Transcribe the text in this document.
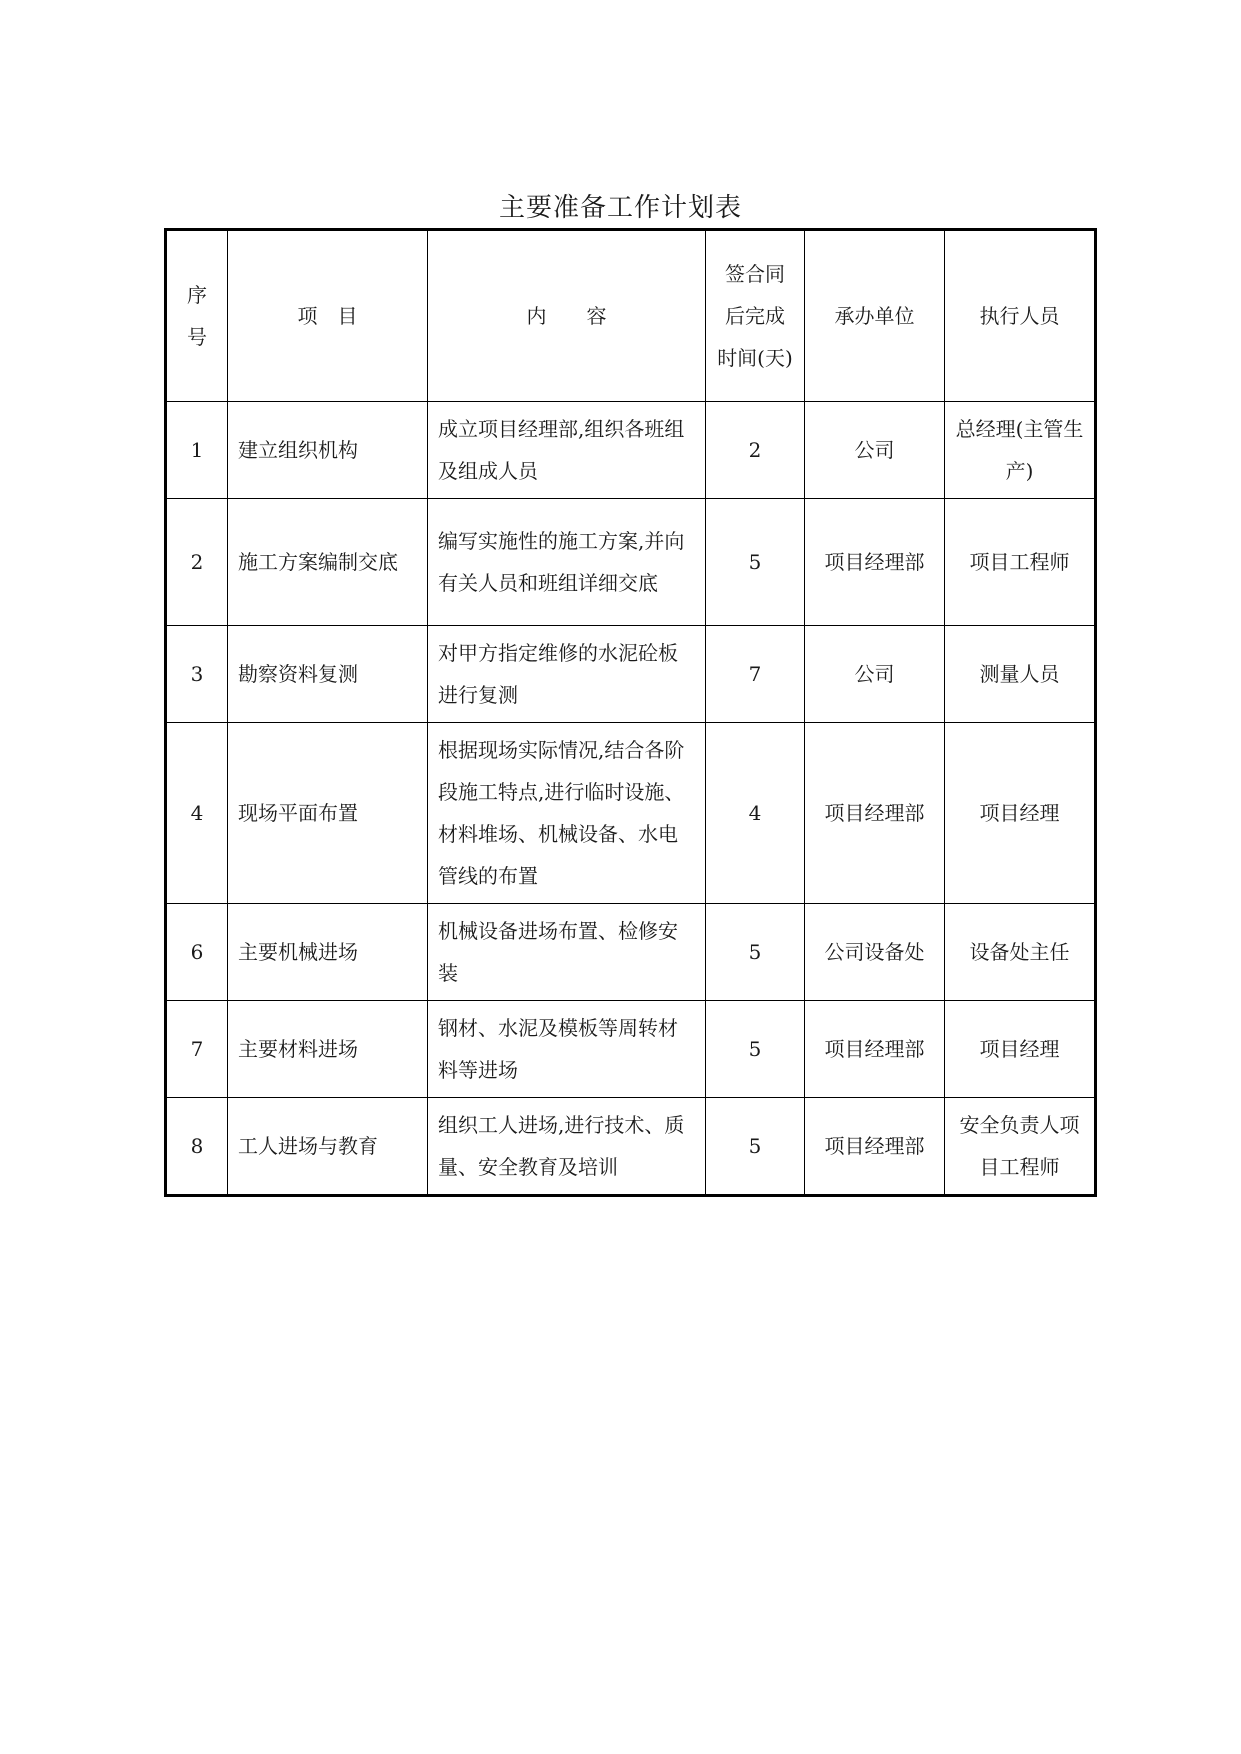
主要准备工作计划表
序号	项　目	内　　容	签合同后完成时间(天)	承办单位	执行人员
1	建立组织机构	成立项目经理部,组织各班组及组成人员	2	公司	总经理(主管生产)
2	施工方案编制交底	编写实施性的施工方案,并向有关人员和班组详细交底	5	项目经理部	项目工程师
3	勘察资料复测	对甲方指定维修的水泥砼板进行复测	7	公司	测量人员
4	现场平面布置	根据现场实际情况,结合各阶段施工特点,进行临时设施、材料堆场、机械设备、水电管线的布置	4	项目经理部	项目经理
6	主要机械进场	机械设备进场布置、检修安装	5	公司设备处	设备处主任
7	主要材料进场	钢材、水泥及模板等周转材料等进场	5	项目经理部	项目经理
8	工人进场与教育	组织工人进场,进行技术、质量、安全教育及培训	5	项目经理部	安全负责人项目工程师
